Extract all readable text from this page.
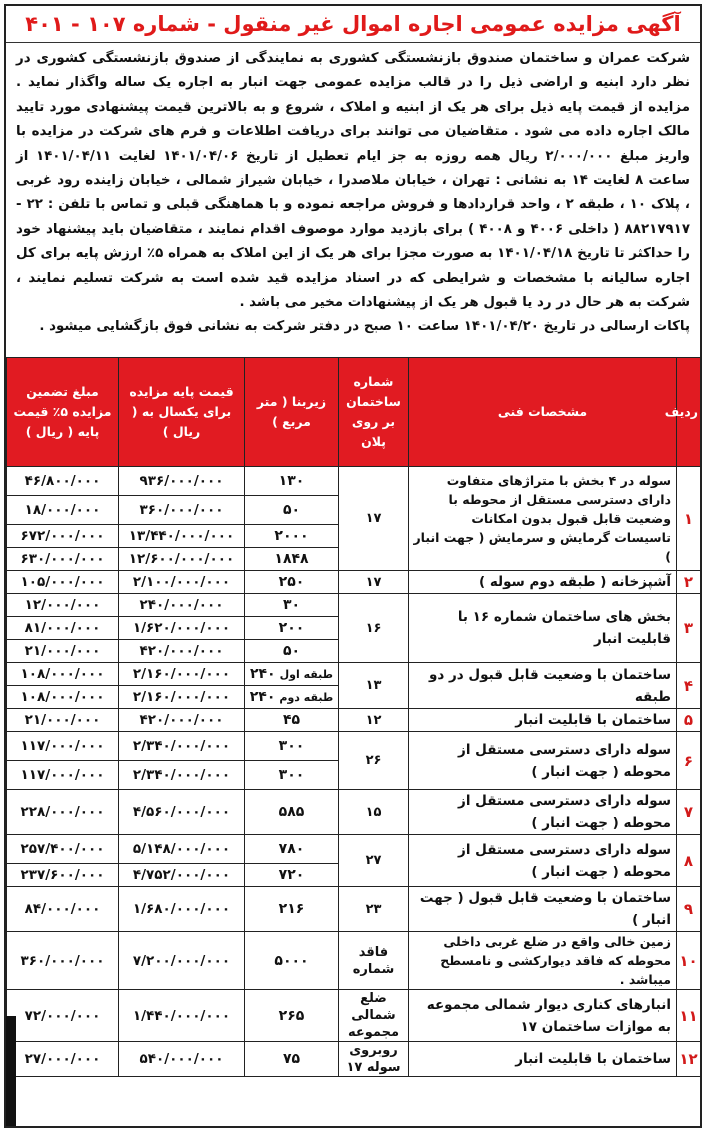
آگهی مزایده عمومی اجاره اموال غیر منقول - شماره ۱۰۷ - ۴۰۱

شرکت عمران و ساختمان صندوق بازنشستگی کشوری به نمایندگی از صندوق بازنشستگی کشوری در نظر دارد ابنیه و اراضی ذیل را در قالب مزایده عمومی جهت انبار به اجاره یک ساله واگذار نماید . مزایده از قیمت پایه ذیل برای هر یک از ابنیه و املاک ، شروع و به بالاترین قیمت پیشنهادی مورد تایید مالک اجاره داده می شود . متقاضیان می توانند برای دریافت اطلاعات و فرم های شرکت در مزایده با واریز مبلغ ۲/۰۰۰/۰۰۰ ریال همه روزه به جز ایام تعطیل از تاریخ ۱۴۰۱/۰۴/۰۶ لغایت ۱۴۰۱/۰۴/۱۱ از ساعت ۸ لغایت ۱۴ به نشانی : تهران ، خیابان ملاصدرا ، خیابان شیراز شمالی ، خیابان زاینده رود غربی ، پلاک ۱۰ ، طبقه ۲ ، واحد قراردادها و فروش مراجعه نموده و با هماهنگی قبلی و تماس با تلفن : ۲۲ - ۸۸۲۱۷۹۱۷ ( داخلی ۴۰۰۶ و ۴۰۰۸ ) برای بازدید موارد موصوف اقدام نمایند ، متقاضیان باید پیشنهاد خود را حداکثر تا تاریخ ۱۴۰۱/۰۴/۱۸ به صورت مجزا برای هر یک از این املاک به همراه ۵٪ ارزش پایه برای کل اجاره سالیانه با مشخصات و شرایطی که در اسناد مزایده قید شده است به شرکت تسلیم نمایند ، شرکت به هر حال در رد یا قبول هر یک از پیشنهادات مخیر می باشد .

پاکات ارسالی در تاریخ ۱۴۰۱/۰۴/۲۰ ساعت ۱۰ صبح در دفتر شرکت به نشانی فوق بازگشایی میشود .

ردیف	مشخصات فنی	شماره ساختمان بر روی پلان	زیربنا ( متر مربع )	قیمت پایه مزایده برای یکسال به ( ریال )	مبلغ تضمین مزایده ۵٪ قیمت پایه ( ریال )
۱	سوله در ۴ بخش با متراژهای متفاوت دارای دسترسی مستقل از محوطه با وضعیت قابل قبول بدون امکانات تاسیسات گرمایش و سرمایش ( جهت انبار )	۱۷	۱۳۰	۹۳۶/۰۰۰/۰۰۰	۴۶/۸۰۰/۰۰۰
			۵۰	۳۶۰/۰۰۰/۰۰۰	۱۸/۰۰۰/۰۰۰
			۲۰۰۰	۱۳/۴۴۰/۰۰۰/۰۰۰	۶۷۲/۰۰۰/۰۰۰
			۱۸۴۸	۱۲/۶۰۰/۰۰۰/۰۰۰	۶۳۰/۰۰۰/۰۰۰
۲	آشپزخانه ( طبقه دوم سوله )	۱۷	۲۵۰	۲/۱۰۰/۰۰۰/۰۰۰	۱۰۵/۰۰۰/۰۰۰
۳	بخش های ساختمان شماره ۱۶ با قابلیت انبار	۱۶	۳۰	۲۴۰/۰۰۰/۰۰۰	۱۲/۰۰۰/۰۰۰
			۲۰۰	۱/۶۲۰/۰۰۰/۰۰۰	۸۱/۰۰۰/۰۰۰
			۵۰	۴۲۰/۰۰۰/۰۰۰	۲۱/۰۰۰/۰۰۰
۴	ساختمان با وضعیت قابل قبول در دو طبقه	۱۳	طبقه اول۲۴۰	۲/۱۶۰/۰۰۰/۰۰۰	۱۰۸/۰۰۰/۰۰۰
			طبقه دوم۲۴۰	۲/۱۶۰/۰۰۰/۰۰۰	۱۰۸/۰۰۰/۰۰۰
۵	ساختمان با قابلیت انبار	۱۲	۴۵	۴۲۰/۰۰۰/۰۰۰	۲۱/۰۰۰/۰۰۰
۶	سوله دارای دسترسی مستقل از محوطه ( جهت انبار )	۲۶	۳۰۰	۲/۳۴۰/۰۰۰/۰۰۰	۱۱۷/۰۰۰/۰۰۰
			۳۰۰	۲/۳۴۰/۰۰۰/۰۰۰	۱۱۷/۰۰۰/۰۰۰
۷	سوله دارای دسترسی مستقل از محوطه ( جهت انبار )	۱۵	۵۸۵	۴/۵۶۰/۰۰۰/۰۰۰	۲۲۸/۰۰۰/۰۰۰
۸	سوله دارای دسترسی مستقل از محوطه ( جهت انبار )	۲۷	۷۸۰	۵/۱۴۸/۰۰۰/۰۰۰	۲۵۷/۴۰۰/۰۰۰
			۷۲۰	۴/۷۵۲/۰۰۰/۰۰۰	۲۳۷/۶۰۰/۰۰۰
۹	ساختمان با وضعیت قابل قبول ( جهت انبار )	۲۳	۲۱۶	۱/۶۸۰/۰۰۰/۰۰۰	۸۴/۰۰۰/۰۰۰
۱۰	زمین خالی واقع در ضلع غربی داخلی محوطه که فاقد دیوارکشی و نامسطح میباشد .	فاقد شماره	۵۰۰۰	۷/۲۰۰/۰۰۰/۰۰۰	۳۶۰/۰۰۰/۰۰۰
۱۱	انبارهای کناری دیوار شمالی مجموعه به موازات ساختمان ۱۷	ضلع شمالی مجموعه	۲۶۵	۱/۴۴۰/۰۰۰/۰۰۰	۷۲/۰۰۰/۰۰۰
۱۲	ساختمان با قابلیت انبار	روبروی سوله ۱۷	۷۵	۵۴۰/۰۰۰/۰۰۰	۲۷/۰۰۰/۰۰۰
